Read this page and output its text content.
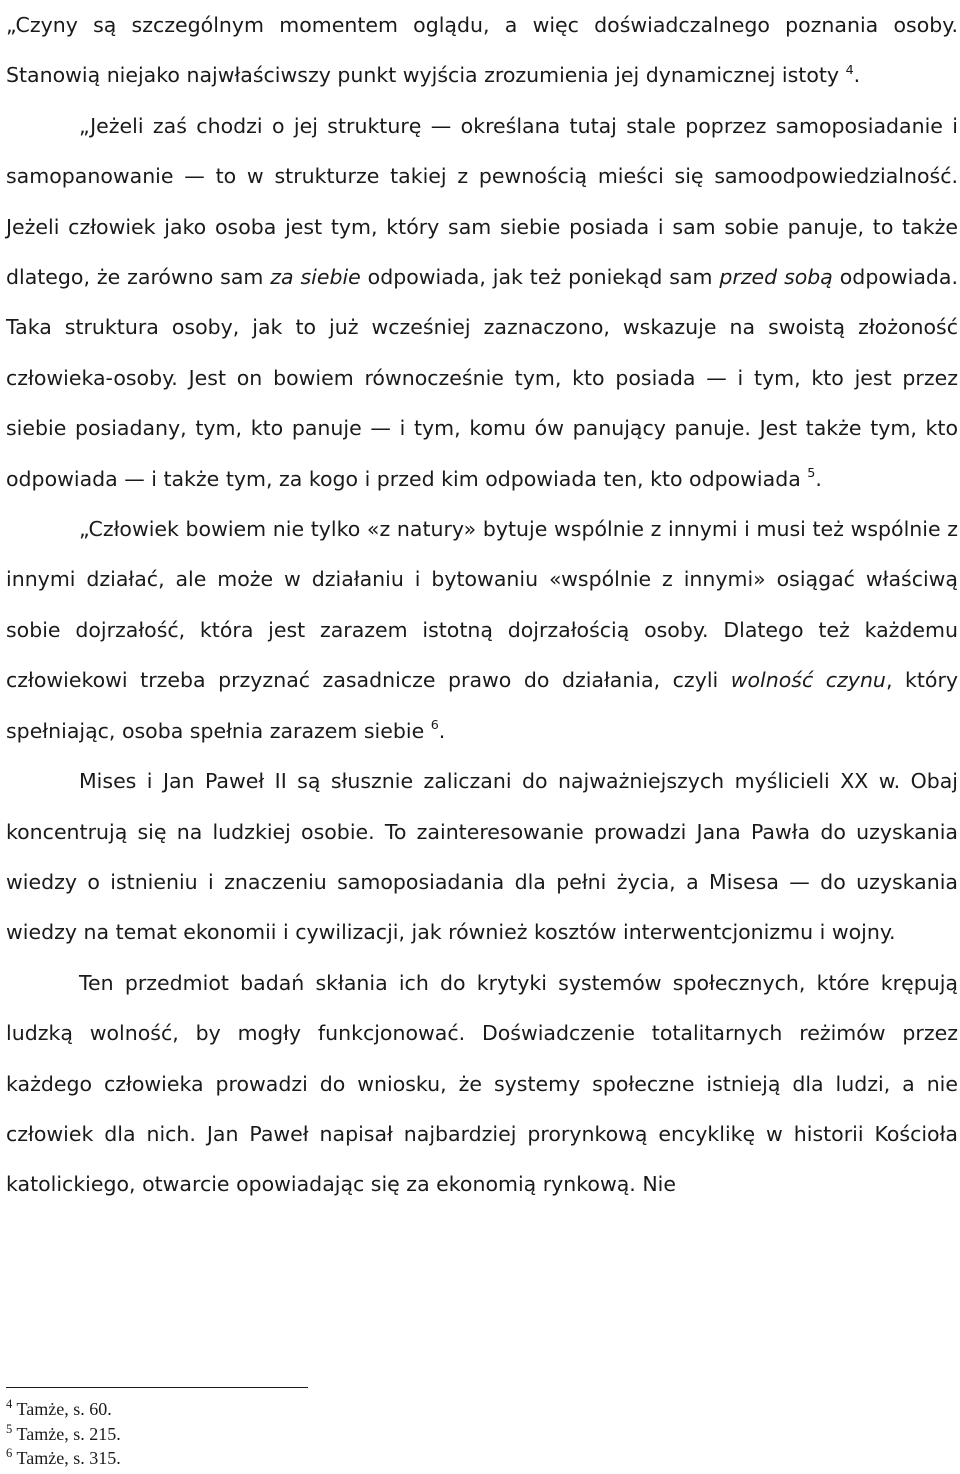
„Czyny są szczególnym momentem oglądu, a więc doświadczalnego poznania osoby. Stanowią niejako najwłaściwszy punkt wyjścia zrozumienia jej dynamicznej istoty $^4$.

„Jeżeli zaś chodzi o jej strukturę — określana tutaj stale poprzez samoposiadanie i samopanowanie — to w strukturze takiej z pewnością mieści się samoodpowiedzialność. Jeżeli człowiek jako osoba jest tym, który sam siebie posiada i sam sobie panuje, to także dlatego, że zarówno sam za siebie odpowiada, jak też poniekąd sam przed sobą odpowiada. Taka struktura osoby, jak to już wcześniej zaznaczono, wskazuje na swoistą złożoność człowieka-osoby. Jest on bowiem równocześnie tym, kto posiada — i tym, kto jest przez siebie posiadany, tym, kto panuje — i tym, komu ów panujący panuje. Jest także tym, kto odpowiada — i także tym, za kogo i przed kim odpowiada ten, kto odpowiada $^5$.

„Człowiek bowiem nie tylko «z natury» bytuje wspólnie z innymi i musi też wspólnie z innymi działać, ale może w działaniu i bytowaniu «wspólnie z innymi» osiągać właściwą sobie dojrzałość, która jest zarazem istotną dojrzałością osoby. Dlatego też każdemu człowiekowi trzeba przyznać zasadnicze prawo do działania, czyli wolność czynu, który spełniając, osoba spełnia zarazem siebie $^6$.

Mises i Jan Paweł II są słusznie zaliczani do najważniejszych myślicieli XX w. Obaj koncentrują się na ludzkiej osobie. To zainteresowanie prowadzi Jana Pawła do uzyskania wiedzy o istnieniu i znaczeniu samoposiadania dla pełni życia, a Misesa — do uzyskania wiedzy na temat ekonomii i cywilizacji, jak również kosztów interwentcjonizmu i wojny.

Ten przedmiot badań skłania ich do krytyki systemów społecznych, które krępują ludzką wolność, by mogły funkcjonować. Doświadczenie totalitarnych reżimów przez każdego człowieka prowadzi do wniosku, że systemy społeczne istnieją dla ludzi, a nie człowiek dla nich. Jan Paweł napisał najbardziej prorynkową encyklikę w historii Kościoła katolickiego, otwarcie opowiadając się za ekonomią rynkową. Nie

$^4$ Tamże, s. 60.

$^5$ Tamże, s. 215.

$^6$ Tamże, s. 315.
